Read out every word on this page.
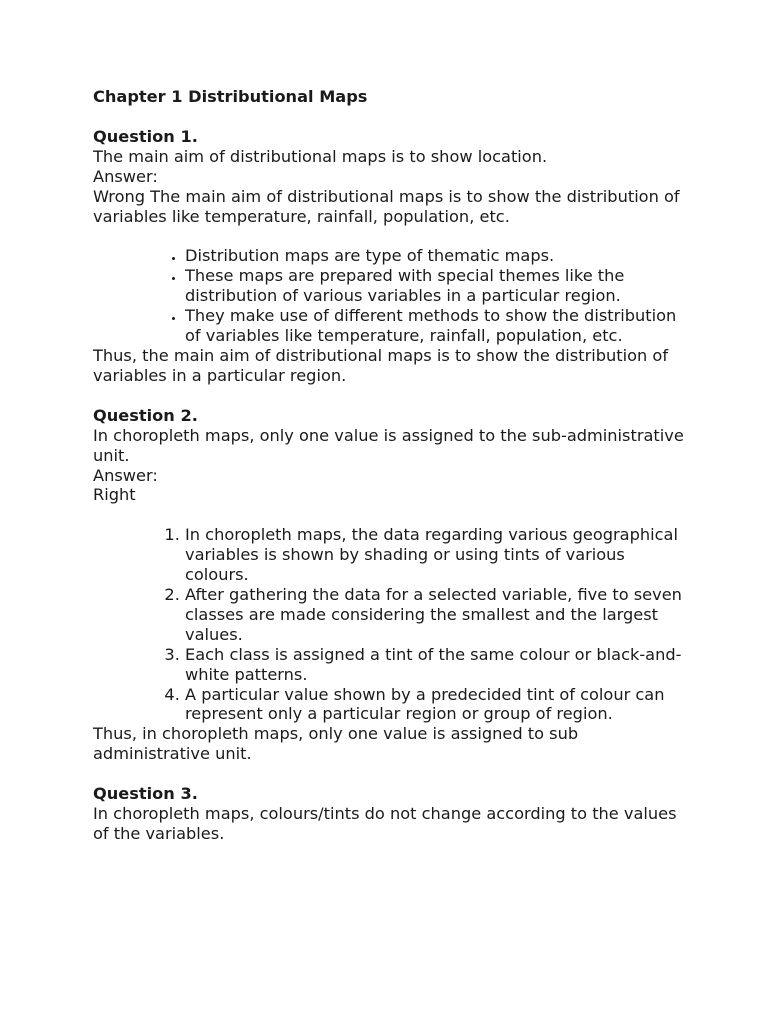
Chapter 1 Distributional Maps

Question 1.

The main aim of distributional maps is to show location.

Answer:

Wrong The main aim of distributional maps is to show the distribution of variables like temperature, rainfall, population, etc.

• Distribution maps are type of thematic maps.
• These maps are prepared with special themes like the distribution of various variables in a particular region.
• They make use of different methods to show the distribution of variables like temperature, rainfall, population, etc.

Thus, the main aim of distributional maps is to show the distribution of variables in a particular region.

Question 2.

In choropleth maps, only one value is assigned to the sub-administrative unit.

Answer:

Right

1. In choropleth maps, the data regarding various geographical variables is shown by shading or using tints of various colours.
2. After gathering the data for a selected variable, five to seven classes are made considering the smallest and the largest values.
3. Each class is assigned a tint of the same colour or black-and-white patterns.
4. A particular value shown by a predecided tint of colour can represent only a particular region or group of region.

Thus, in choropleth maps, only one value is assigned to sub administrative unit.

Question 3.

In choropleth maps, colours/tints do not change according to the values of the variables.
